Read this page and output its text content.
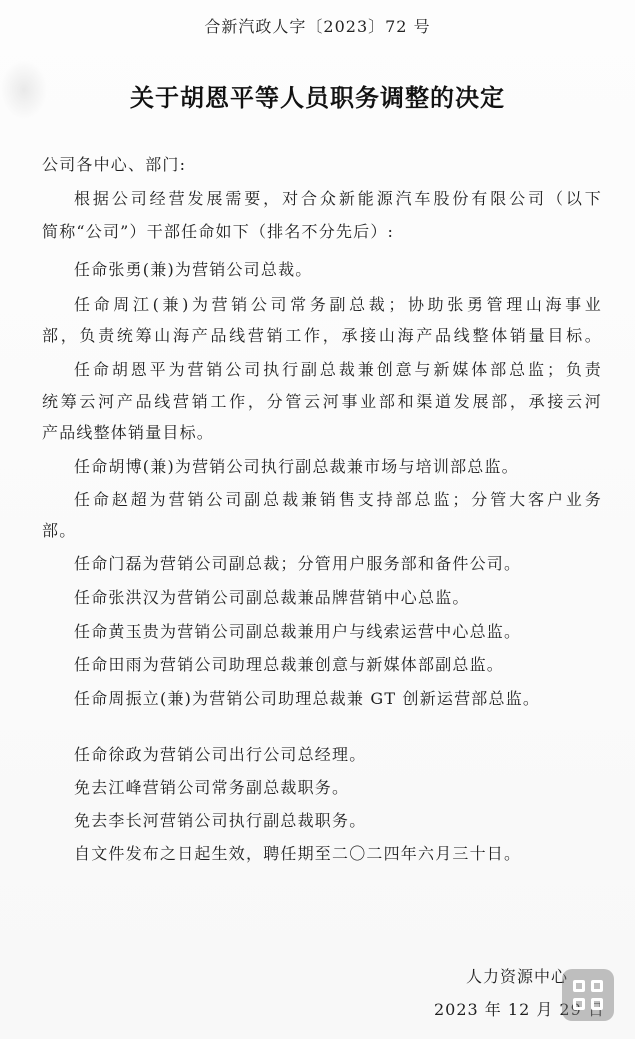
合新汽政人字〔2023〕72 号
关于胡恩平等人员职务调整的决定
公司各中心、部门:
根据公司经营发展需要，对合众新能源汽车股份有限公司（以下
简称“公司”）干部任命如下（排名不分先后）:
任命张勇(兼)为营销公司总裁。
任命周江(兼)为营销公司常务副总裁；协助张勇管理山海事业
部，负责统筹山海产品线营销工作，承接山海产品线整体销量目标。
任命胡恩平为营销公司执行副总裁兼创意与新媒体部总监；负责
统筹云河产品线营销工作，分管云河事业部和渠道发展部，承接云河
产品线整体销量目标。
任命胡博(兼)为营销公司执行副总裁兼市场与培训部总监。
任命赵超为营销公司副总裁兼销售支持部总监；分管大客户业务
部。
任命门磊为营销公司副总裁；分管用户服务部和备件公司。
任命张洪汉为营销公司副总裁兼品牌营销中心总监。
任命黄玉贵为营销公司副总裁兼用户与线索运营中心总监。
任命田雨为营销公司助理总裁兼创意与新媒体部副总监。
任命周振立(兼)为营销公司助理总裁兼 GT 创新运营部总监。
任命徐政为营销公司出行公司总经理。
免去江峰营销公司常务副总裁职务。
免去李长河营销公司执行副总裁职务。
自文件发布之日起生效，聘任期至二〇二四年六月三十日。
人力资源中心
2023 年 12 月 29 日
